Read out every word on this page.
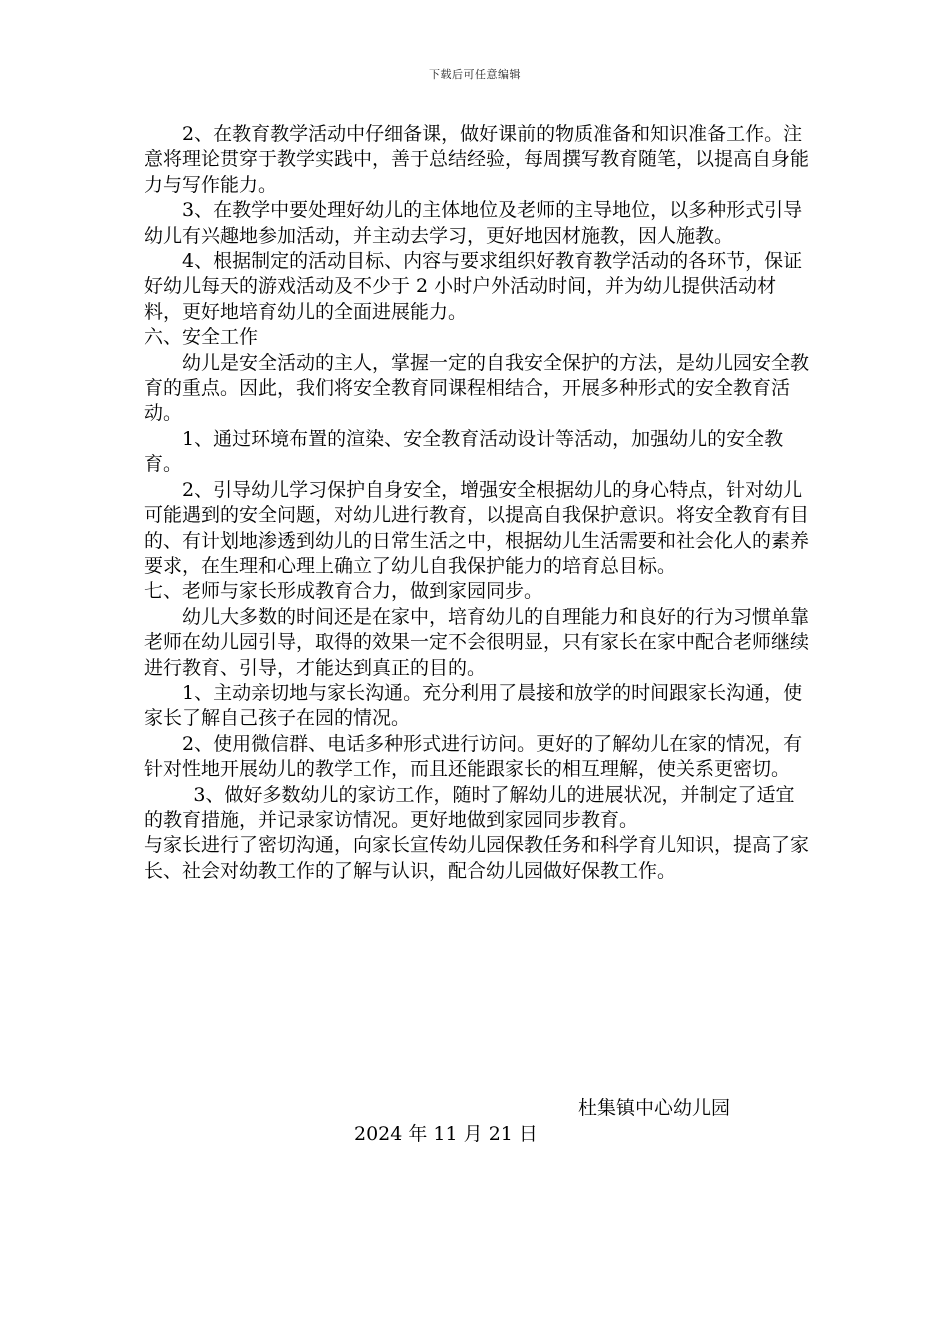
下载后可任意编辑

2、在教育教学活动中仔细备课，做好课前的物质准备和知识准备工作。注意将理论贯穿于教学实践中，善于总结经验，每周撰写教育随笔，以提高自身能力与写作能力。

3、在教学中要处理好幼儿的主体地位及老师的主导地位，以多种形式引导幼儿有兴趣地参加活动，并主动去学习，更好地因材施教，因人施教。

4、根据制定的活动目标、内容与要求组织好教育教学活动的各环节，保证好幼儿每天的游戏活动及不少于 2 小时户外活动时间，并为幼儿提供活动材料，更好地培育幼儿的全面进展能力。

六、安全工作

幼儿是安全活动的主人，掌握一定的自我安全保护的方法，是幼儿园安全教育的重点。因此，我们将安全教育同课程相结合，开展多种形式的安全教育活动。

1、通过环境布置的渲染、安全教育活动设计等活动，加强幼儿的安全教育。

2、引导幼儿学习保护自身安全，增强安全根据幼儿的身心特点，针对幼儿可能遇到的安全问题，对幼儿进行教育，以提高自我保护意识。将安全教育有目的、有计划地渗透到幼儿的日常生活之中，根据幼儿生活需要和社会化人的素养要求，在生理和心理上确立了幼儿自我保护能力的培育总目标。

七、老师与家长形成教育合力，做到家园同步。

幼儿大多数的时间还是在家中，培育幼儿的自理能力和良好的行为习惯单靠老师在幼儿园引导，取得的效果一定不会很明显，只有家长在家中配合老师继续进行教育、引导，才能达到真正的目的。

1、主动亲切地与家长沟通。充分利用了晨接和放学的时间跟家长沟通，使家长了解自己孩子在园的情况。

2、使用微信群、电话多种形式进行访问。更好的了解幼儿在家的情况，有针对性地开展幼儿的教学工作，而且还能跟家长的相互理解，使关系更密切。

3、做好多数幼儿的家访工作，随时了解幼儿的进展状况，并制定了适宜的教育措施，并记录家访情况。更好地做到家园同步教育。

与家长进行了密切沟通，向家长宣传幼儿园保教任务和科学育儿知识，提高了家长、社会对幼教工作的了解与认识，配合幼儿园做好保教工作。

杜集镇中心幼儿园
2024 年 11 月 21 日
